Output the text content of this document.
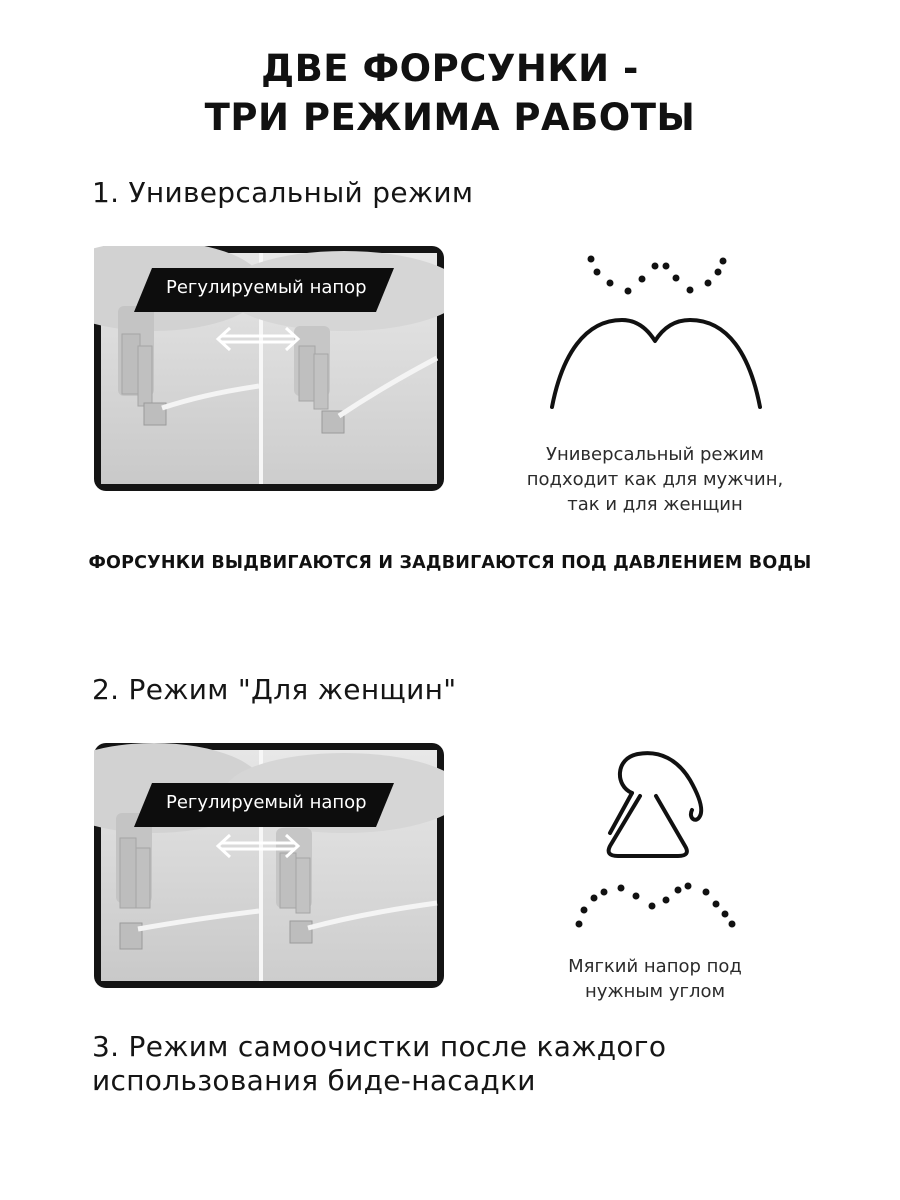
ДВЕ ФОРСУНКИ -
ТРИ РЕЖИМА РАБОТЫ
1. Универсальный режим
Регулируемый напор
Универсальный режим
подходит как для мужчин,
так и для женщин
ФОРСУНКИ ВЫДВИГАЮТСЯ И ЗАДВИГАЮТСЯ ПОД ДАВЛЕНИЕМ ВОДЫ
2. Режим "Для женщин"
Регулируемый напор
Мягкий напор под
нужным углом
3. Режим самоочистки после каждого
использования биде-насадки
